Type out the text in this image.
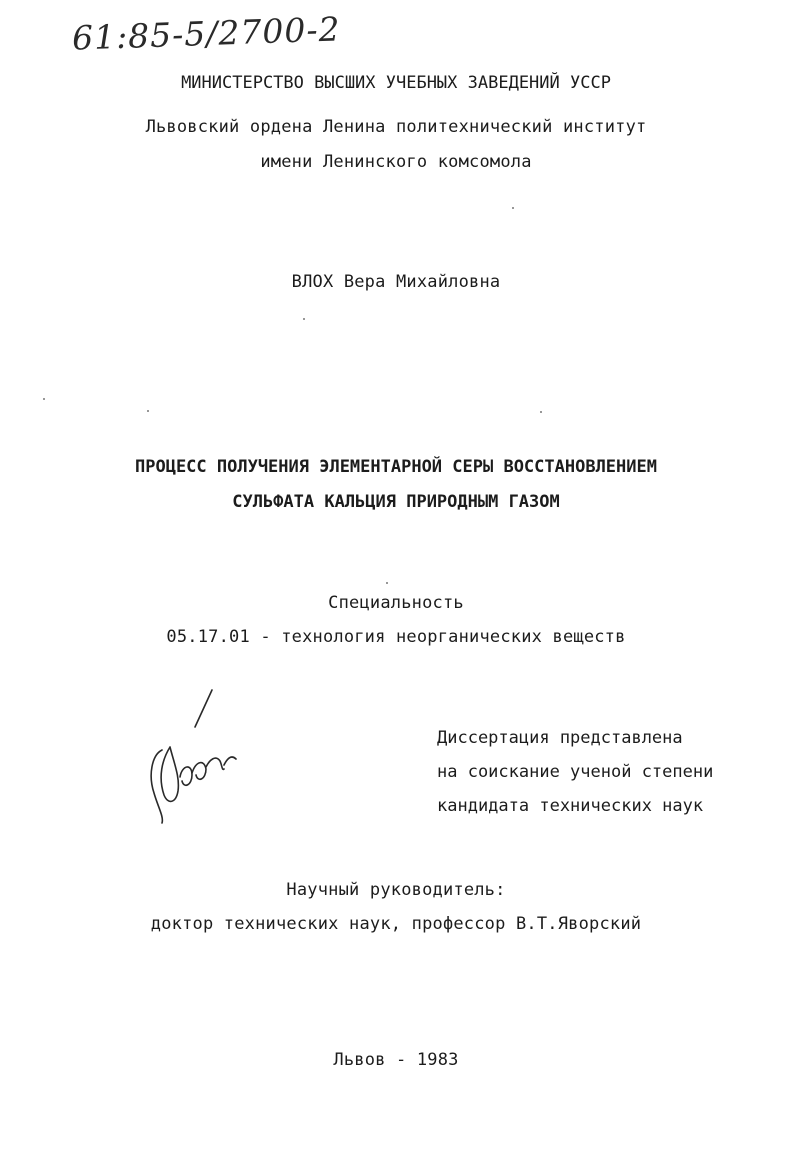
61:85-5/2700-2
МИНИСТЕРСТВО ВЫСШИХ УЧЕБНЫХ ЗАВЕДЕНИЙ УССР
Львовский ордена Ленина политехнический институт
имени Ленинского комсомола
ВЛОХ Вера Михайловна
ПРОЦЕСС ПОЛУЧЕНИЯ ЭЛЕМЕНТАРНОЙ СЕРЫ ВОССТАНОВЛЕНИЕМ
СУЛЬФАТА КАЛЬЦИЯ ПРИРОДНЫМ ГАЗОМ
Специальность
05.17.01 - технология неорганических веществ
Диссертация представлена
на соискание ученой степени
кандидата технических наук
Научный руководитель:
доктор технических наук, профессор В.Т.Яворский
Львов - 1983
